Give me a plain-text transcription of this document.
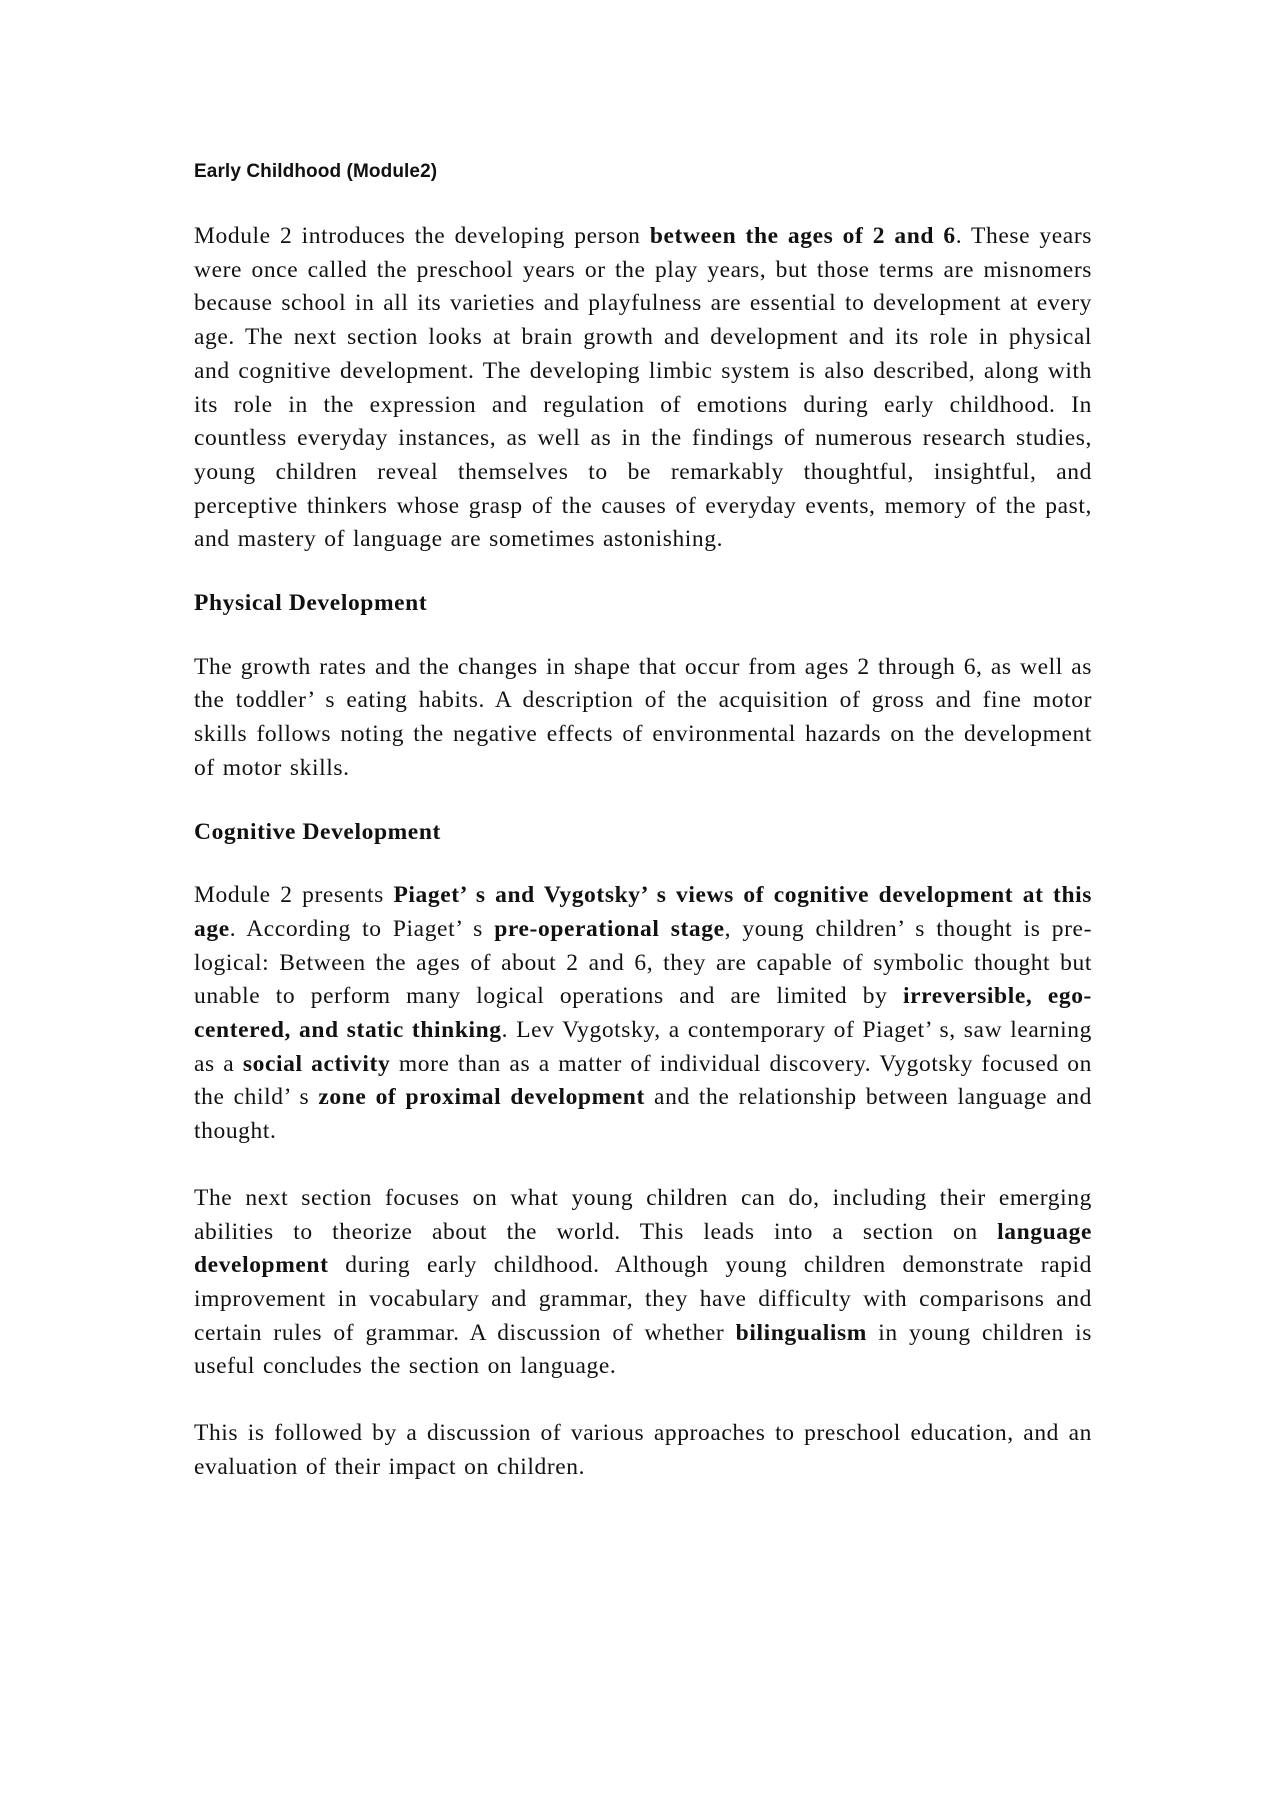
Early Childhood (Module2)

Module 2 introduces the developing person between the ages of 2 and 6. These years were once called the preschool years or the play years, but those terms are misnomers because school in all its varieties and playfulness are essential to development at every age. The next section looks at brain growth and development and its role in physical and cognitive development. The developing limbic system is also described, along with its role in the expression and regulation of emotions during early childhood. In countless everyday instances, as well as in the findings of numerous research studies, young children reveal themselves to be remarkably thoughtful, insightful, and perceptive thinkers whose grasp of the causes of everyday events, memory of the past, and mastery of language are sometimes astonishing.

Physical Development

The growth rates and the changes in shape that occur from ages 2 through 6, as well as the toddler’ s eating habits. A description of the acquisition of gross and fine motor skills follows noting the negative effects of environmental hazards on the development of motor skills.

Cognitive Development

Module 2 presents Piaget’ s and Vygotsky’ s views of cognitive development at this age. According to Piaget’ s pre-operational stage, young children’ s thought is pre-logical: Between the ages of about 2 and 6, they are capable of symbolic thought but unable to perform many logical operations and are limited by irreversible, ego-centered, and static thinking. Lev Vygotsky, a contemporary of Piaget’ s, saw learning as a social activity more than as a matter of individual discovery. Vygotsky focused on the child’ s zone of proximal development and the relationship between language and thought.

The next section focuses on what young children can do, including their emerging abilities to theorize about the world. This leads into a section on language development during early childhood. Although young children demonstrate rapid improvement in vocabulary and grammar, they have difficulty with comparisons and certain rules of grammar. A discussion of whether bilingualism in young children is useful concludes the section on language.

This is followed by a discussion of various approaches to preschool education, and an evaluation of their impact on children.
